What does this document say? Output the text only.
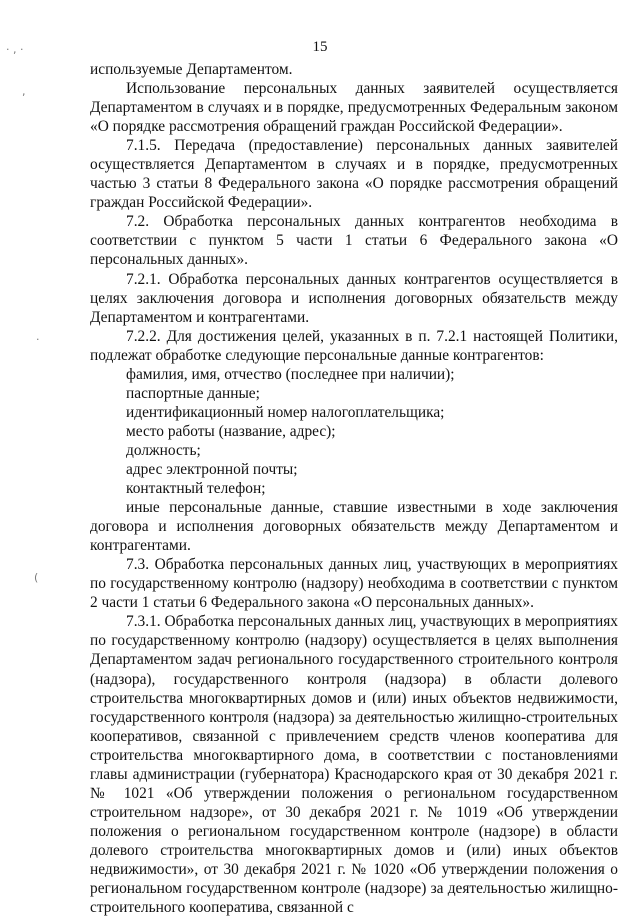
· , ·
,
·
(
15

используемые Департаментом.

Использование персональных данных заявителей осуществляется Департаментом в случаях и в порядке, предусмотренных Федеральным законом «О порядке рассмотрения обращений граждан Российской Федерации».

7.1.5. Передача (предоставление) персональных данных заявителей осуществляется Департаментом в случаях и в порядке, предусмотренных частью 3 статьи 8 Федерального закона «О порядке рассмотрения обращений граждан Российской Федерации».

7.2. Обработка персональных данных контрагентов необходима в соответствии с пунктом 5 части 1 статьи 6 Федерального закона «О персональных данных».

7.2.1. Обработка персональных данных контрагентов осуществляется в целях заключения договора и исполнения договорных обязательств между Департаментом и контрагентами.

7.2.2. Для достижения целей, указанных в п. 7.2.1 настоящей Политики, подлежат обработке следующие персональные данные контрагентов:

фамилия, имя, отчество (последнее при наличии);

паспортные данные;

идентификационный номер налогоплательщика;

место работы (название, адрес);

должность;

адрес электронной почты;

контактный телефон;

иные персональные данные, ставшие известными в ходе заключения договора и исполнения договорных обязательств между Департаментом и контрагентами.

7.3. Обработка персональных данных лиц, участвующих в мероприятиях по государственному контролю (надзору) необходима в соответствии с пунктом 2 части 1 статьи 6 Федерального закона «О персональных данных».

7.3.1. Обработка персональных данных лиц, участвующих в мероприятиях по государственному контролю (надзору) осуществляется в целях выполнения Департаментом задач регионального государственного строительного контроля (надзора), государственного контроля (надзора) в области долевого строительства многоквартирных домов и (или) иных объектов недвижимости, государственного контроля (надзора) за деятельностью жилищно-строительных кооперативов, связанной с привлечением средств членов кооператива для строительства многоквартирного дома, в соответствии с постановлениями главы администрации (губернатора) Краснодарского края от 30 декабря 2021 г. № 1021 «Об утверждении положения о региональном государственном строительном надзоре», от 30 декабря 2021 г. № 1019 «Об утверждении положения о региональном государственном контроле (надзоре) в области долевого строительства многоквартирных домов и (или) иных объектов недвижимости», от 30 декабря 2021 г. № 1020 «Об утверждении положения о региональном государственном контроле (надзоре) за деятельностью жилищно-строительного кооператива, связанной с
